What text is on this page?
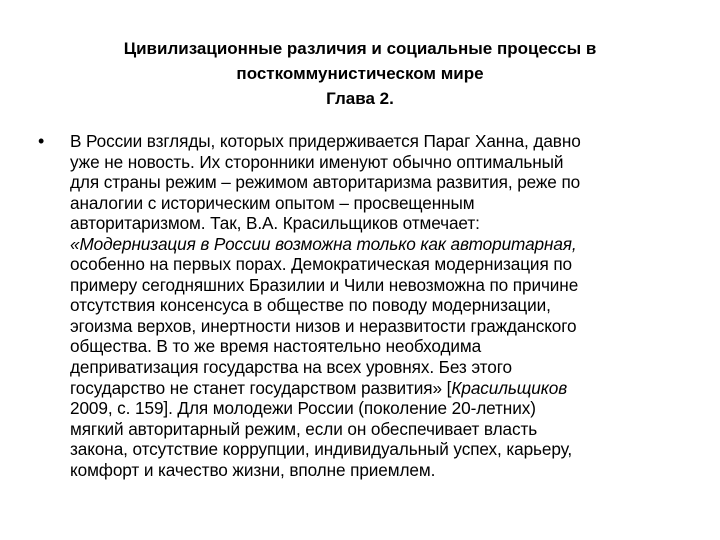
Цивилизационные различия и социальные процессы в
посткоммунистическом мире
Глава 2.
•	В России взгляды, которых придерживается Параг Ханна, давно
уже не новость. Их сторонники именуют обычно оптимальный
для страны режим – режимом авторитаризма развития, реже по
аналогии с историческим опытом – просвещенным
авторитаризмом. Так, В.А. Красильщиков отмечает:
«Модернизация в России возможна только как авторитарная,
особенно на первых порах. Демократическая модернизация по
примеру сегодняшних Бразилии и Чили невозможна по причине
отсутствия консенсуса в обществе по поводу модернизации,
эгоизма верхов, инертности низов и неразвитости гражданского
общества. В то же время настоятельно необходима
деприватизация государства на всех уровнях. Без этого
государство не станет государством развития» [Красильщиков
2009, с. 159]. Для молодежи России (поколение 20-летних)
мягкий авторитарный режим, если он обеспечивает власть
закона, отсутствие коррупции, индивидуальный успех, карьеру,
комфорт и качество жизни, вполне приемлем.
